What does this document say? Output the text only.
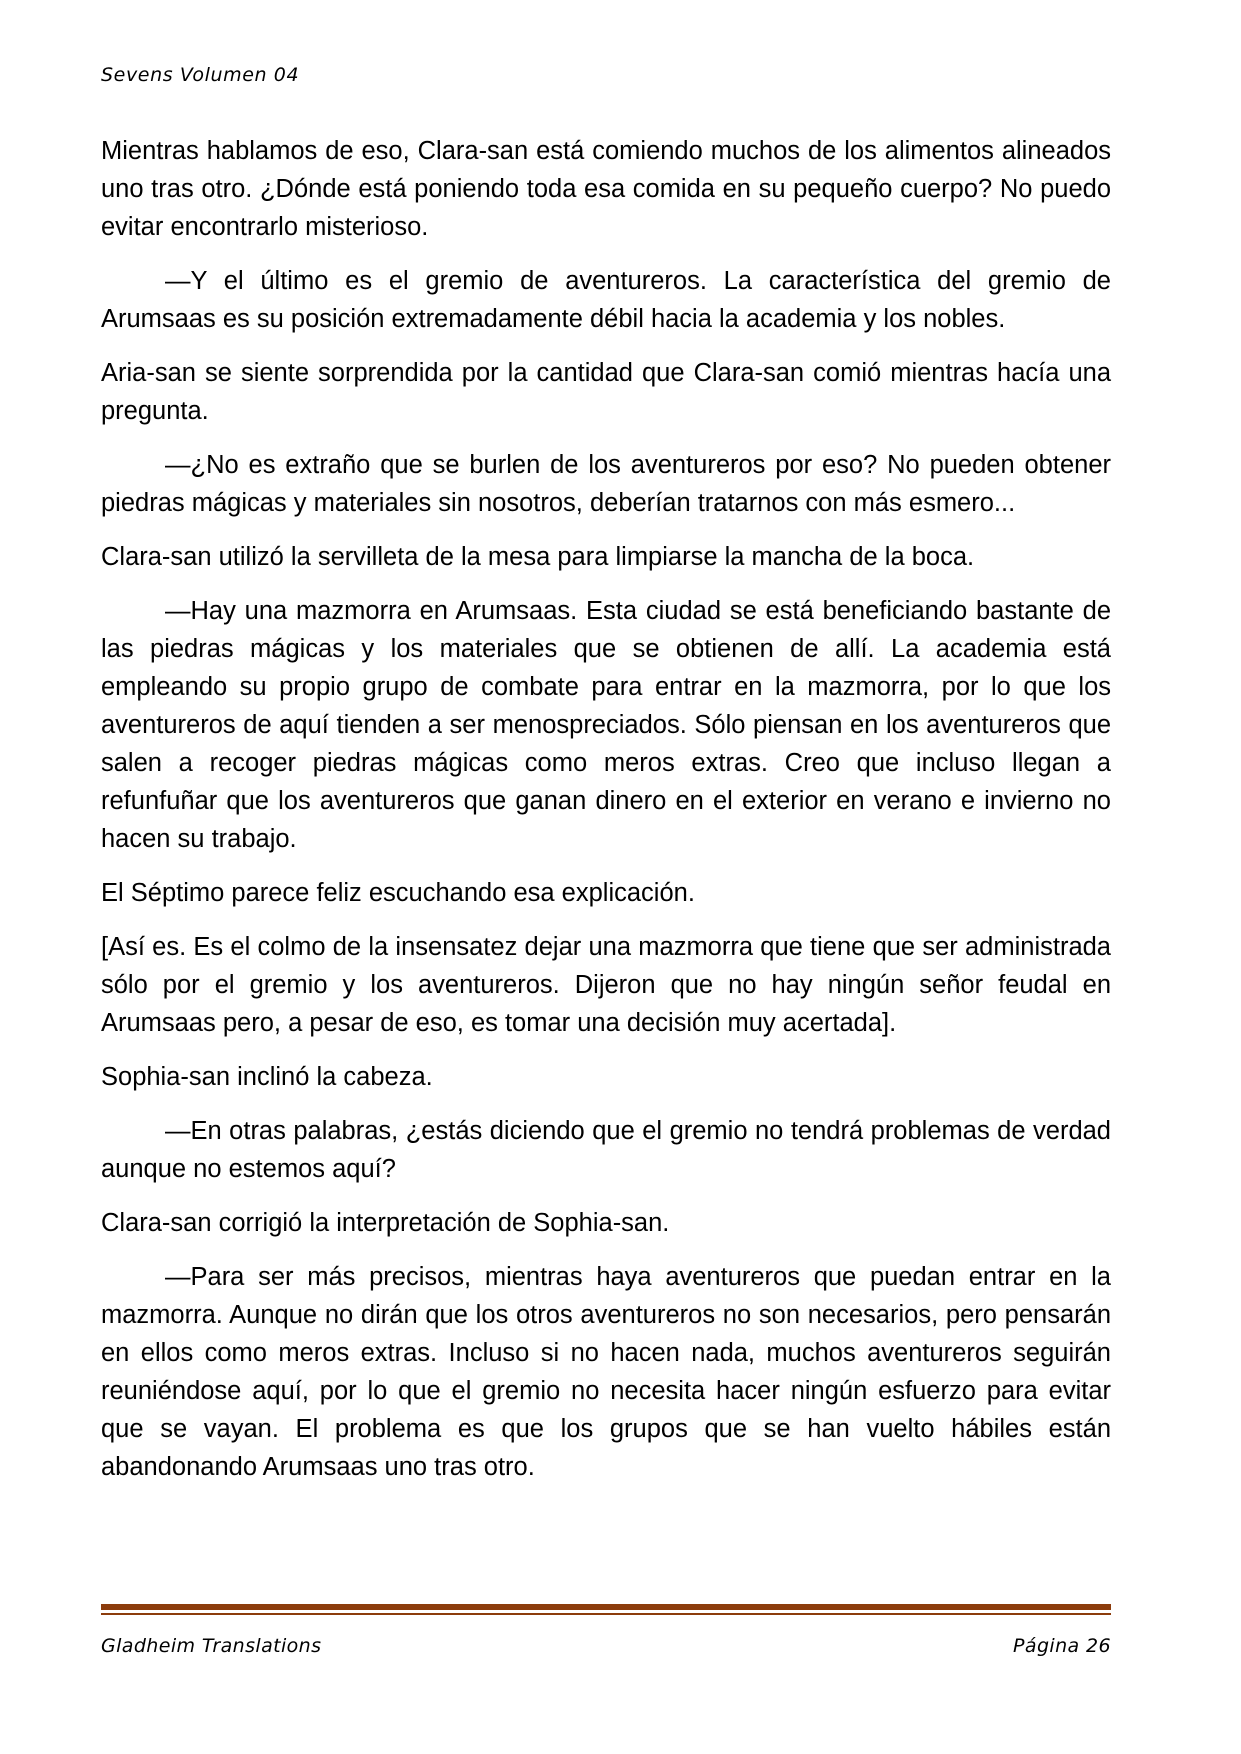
Sevens Volumen 04

Mientras hablamos de eso, Clara-san está comiendo muchos de los alimentos alineados uno tras otro. ¿Dónde está poniendo toda esa comida en su pequeño cuerpo? No puedo evitar encontrarlo misterioso.

—Y el último es el gremio de aventureros. La característica del gremio de Arumsaas es su posición extremadamente débil hacia la academia y los nobles.

Aria-san se siente sorprendida por la cantidad que Clara-san comió mientras hacía una pregunta.

—¿No es extraño que se burlen de los aventureros por eso? No pueden obtener piedras mágicas y materiales sin nosotros, deberían tratarnos con más esmero...

Clara-san utilizó la servilleta de la mesa para limpiarse la mancha de la boca.

—Hay una mazmorra en Arumsaas. Esta ciudad se está beneficiando bastante de las piedras mágicas y los materiales que se obtienen de allí. La academia está empleando su propio grupo de combate para entrar en la mazmorra, por lo que los aventureros de aquí tienden a ser menospreciados. Sólo piensan en los aventureros que salen a recoger piedras mágicas como meros extras. Creo que incluso llegan a refunfuñar que los aventureros que ganan dinero en el exterior en verano e invierno no hacen su trabajo.

El Séptimo parece feliz escuchando esa explicación.

[Así es. Es el colmo de la insensatez dejar una mazmorra que tiene que ser administrada sólo por el gremio y los aventureros. Dijeron que no hay ningún señor feudal en Arumsaas pero, a pesar de eso, es tomar una decisión muy acertada].

Sophia-san inclinó la cabeza.

—En otras palabras, ¿estás diciendo que el gremio no tendrá problemas de verdad aunque no estemos aquí?

Clara-san corrigió la interpretación de Sophia-san.

—Para ser más precisos, mientras haya aventureros que puedan entrar en la mazmorra. Aunque no dirán que los otros aventureros no son necesarios, pero pensarán en ellos como meros extras. Incluso si no hacen nada, muchos aventureros seguirán reuniéndose aquí, por lo que el gremio no necesita hacer ningún esfuerzo para evitar que se vayan. El problema es que los grupos que se han vuelto hábiles están abandonando Arumsaas uno tras otro.

Gladheim Translations	Página 26
